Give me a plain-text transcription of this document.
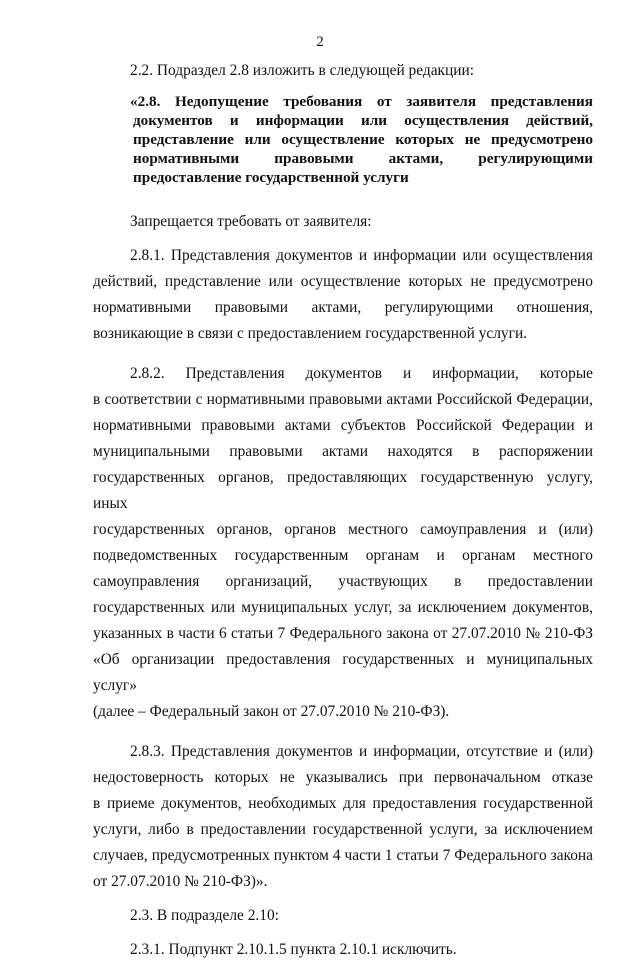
2
2.2. Подраздел 2.8 изложить в следующей редакции:
«2.8. Недопущение требования от заявителя представления
документов и информации или осуществления действий,
представление или осуществление которых не предусмотрено
нормативными правовыми актами, регулирующими
предоставление государственной услуги
Запрещается требовать от заявителя:
2.8.1. Представления документов и информации или осуществления
действий, представление или осуществление которых не предусмотрено
нормативными правовыми актами, регулирующими отношения,
возникающие в связи с предоставлением государственной услуги.
2.8.2. Представления документов и информации, которые
в соответствии с нормативными правовыми актами Российской Федерации,
нормативными правовыми актами субъектов Российской Федерации и
муниципальными правовыми актами находятся в распоряжении
государственных органов, предоставляющих государственную услугу, иных
государственных органов, органов местного самоуправления и (или)
подведомственных государственным органам и органам местного
самоуправления организаций, участвующих в предоставлении
государственных или муниципальных услуг, за исключением документов,
указанных в части 6 статьи 7 Федерального закона от 27.07.2010 № 210-ФЗ
«Об организации предоставления государственных и муниципальных услуг»
(далее – Федеральный закон от 27.07.2010 № 210-ФЗ).
2.8.3. Представления документов и информации, отсутствие и (или)
недостоверность которых не указывались при первоначальном отказе
в приеме документов, необходимых для предоставления государственной
услуги, либо в предоставлении государственной услуги, за исключением
случаев, предусмотренных пунктом 4 части 1 статьи 7 Федерального закона
от 27.07.2010 № 210-ФЗ)».
2.3. В подразделе 2.10:
2.3.1. Подпункт 2.10.1.5 пункта 2.10.1 исключить.
